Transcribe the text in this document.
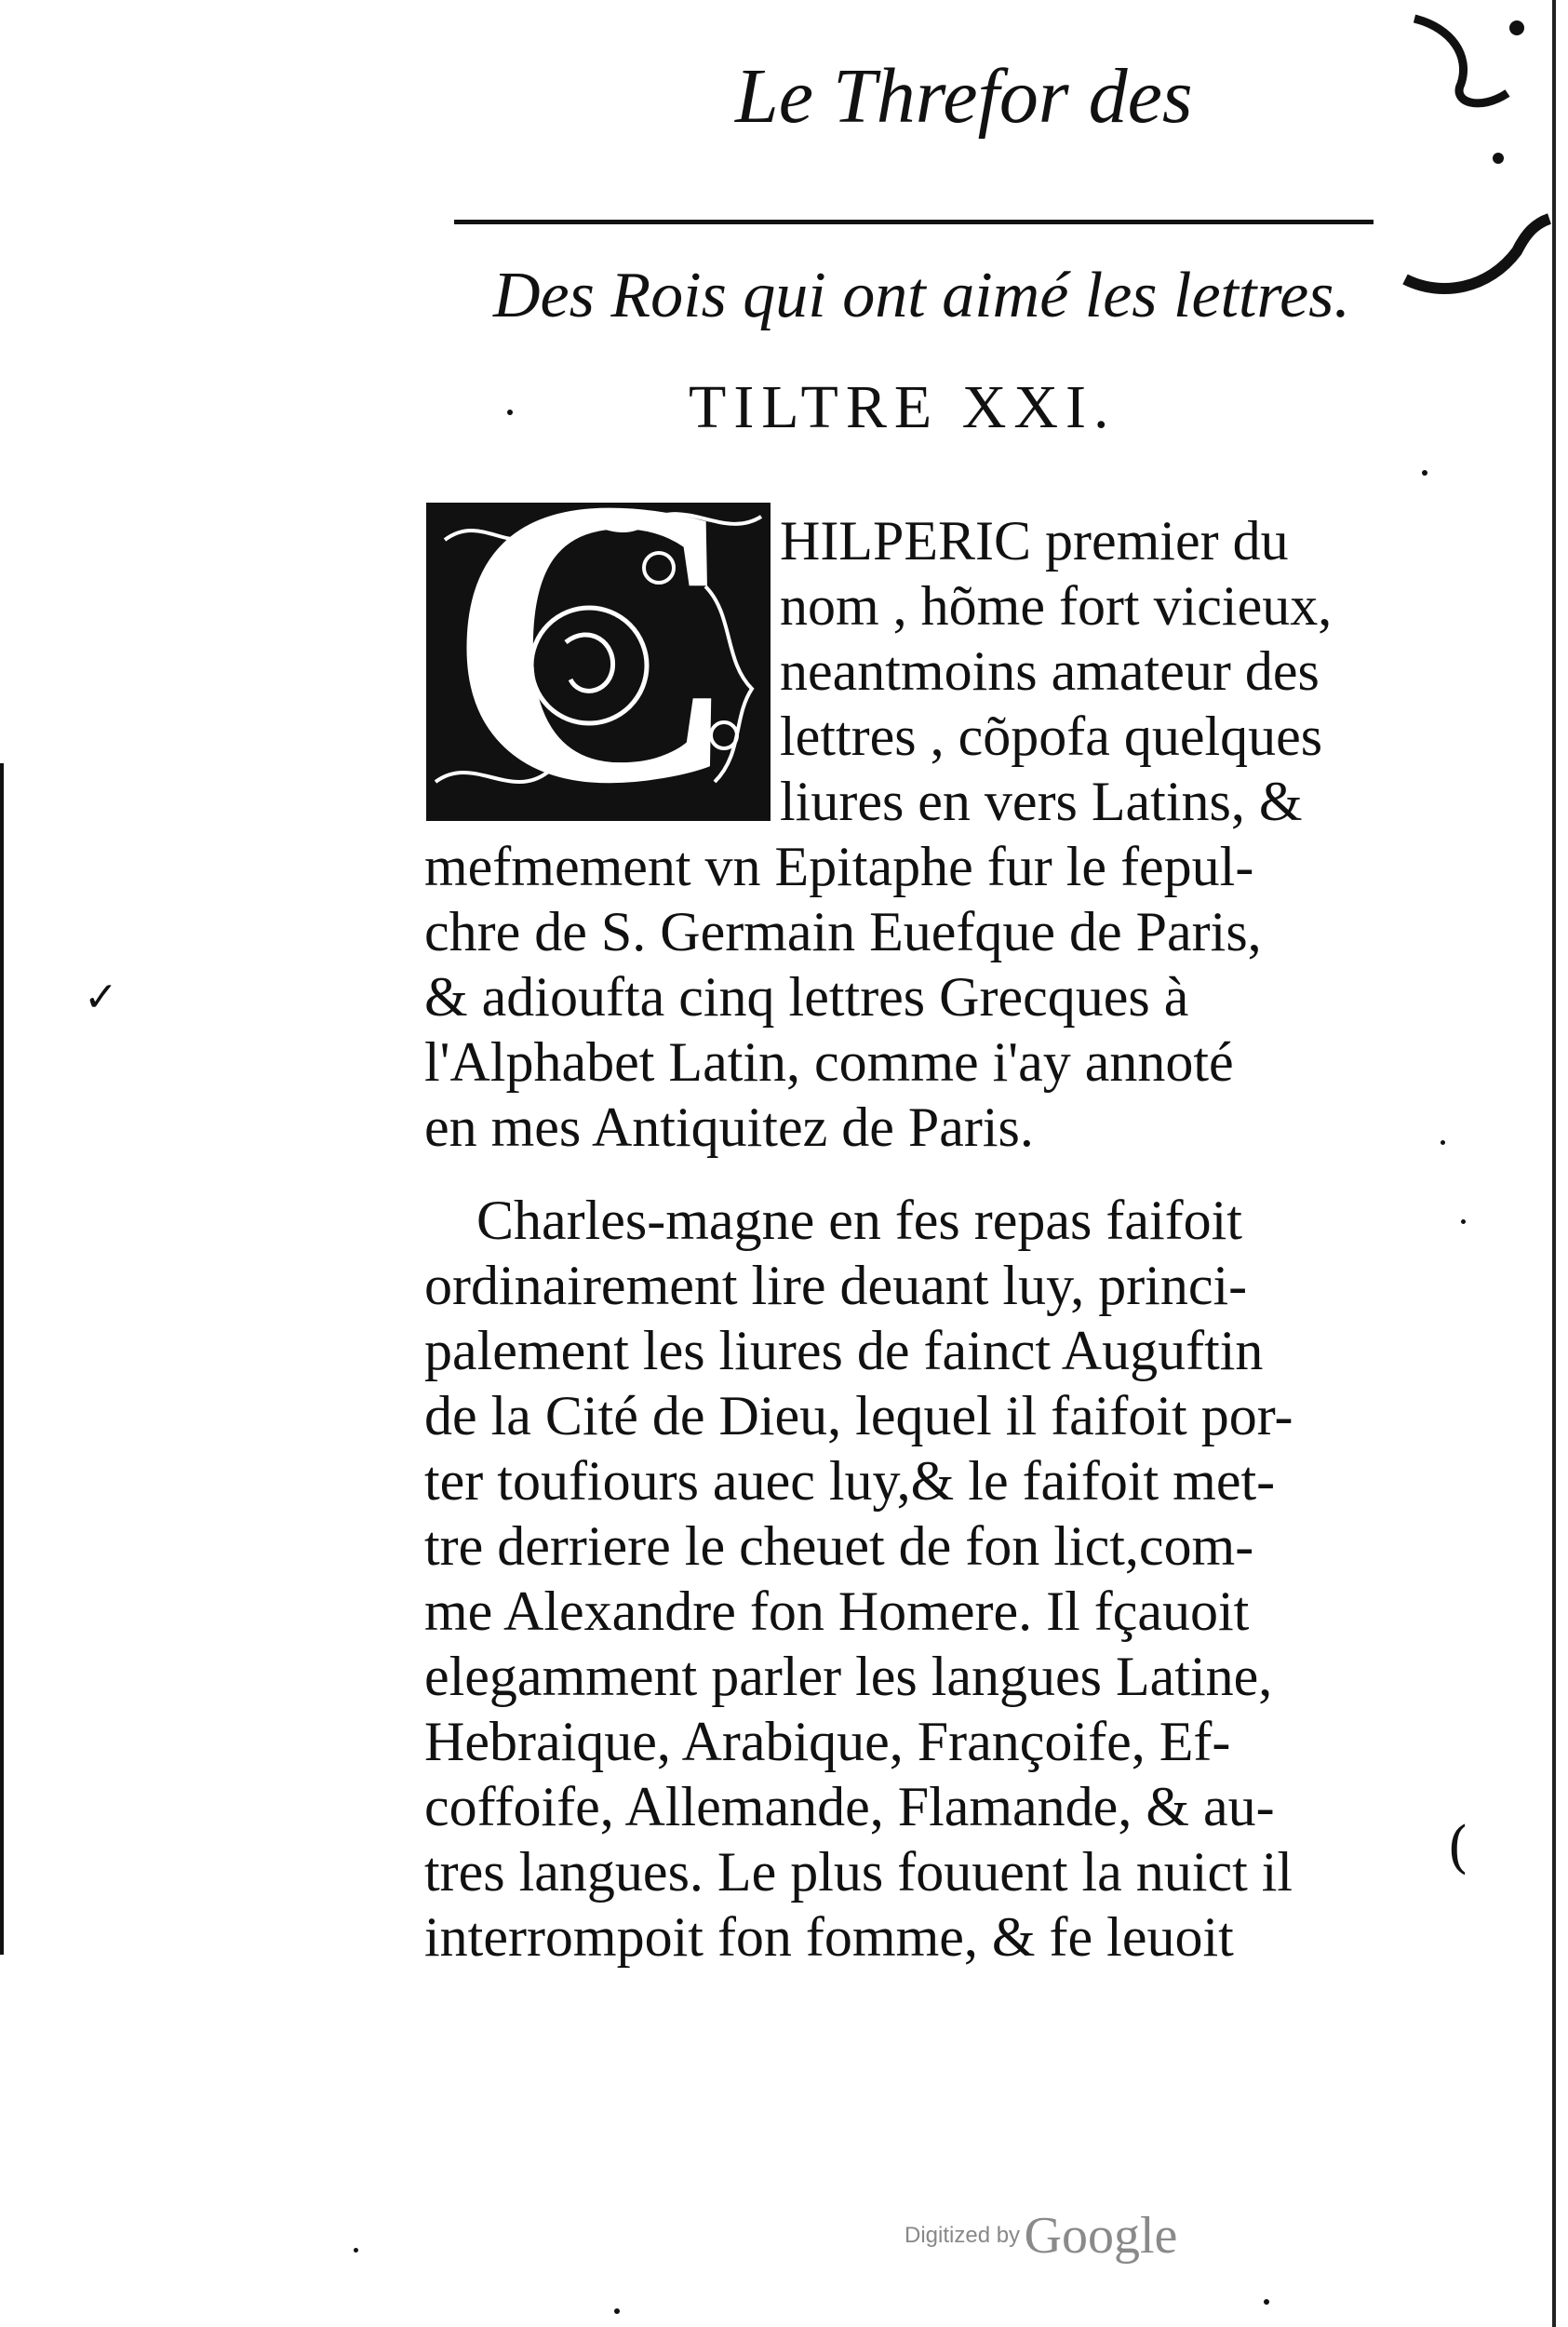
(
✓
Le Threfor des
Des Rois qui ont aimé les lettres.
TILTRE XXI.
C HILPERIC premier du
nom , hõme fort vicieux,
neantmoins amateur des
lettres , cõpofa quelques
liures en vers Latins, &
mefmement vn Epitaphe fur le fepul-
chre de S. Germain Euefque de Paris,
& adioufta cinq lettres Grecques à
l'Alphabet Latin, comme i'ay annoté
en mes Antiquitez de Paris.
Charles-magne en fes repas faifoit
ordinairement lire deuant luy, princi-
palement les liures de fainct Auguftin
de la Cité de Dieu, lequel il faifoit por-
ter toufiours auec luy,& le faifoit met-
tre derriere le cheuet de fon lict,com-
me Alexandre fon Homere. Il fçauoit
elegamment parler les langues Latine,
Hebraique, Arabique, Françoife, Ef-
coffoife, Allemande, Flamande, & au-
tres langues. Le plus fouuent la nuict il
interrompoit fon fomme, & fe leuoit
Digitized by Google
